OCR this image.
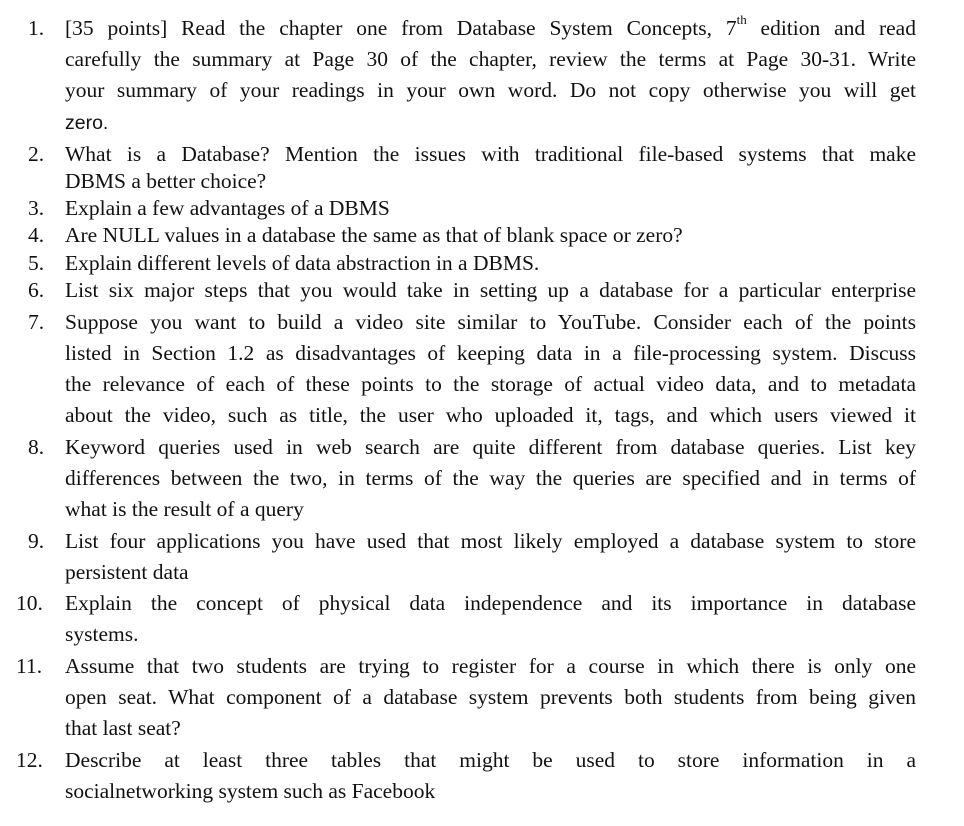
1. [35 points] Read the chapter one from Database System Concepts, 7th edition and read
carefully the summary at Page 30 of the chapter, review the terms at Page 30-31. Write
your summary of your readings in your own word. Do not copy otherwise you will get
zero.
2. What is a Database? Mention the issues with traditional file-based systems that make
DBMS a better choice?
3. Explain a few advantages of a DBMS
4. Are NULL values in a database the same as that of blank space or zero?
5. Explain different levels of data abstraction in a DBMS.
6. List six major steps that you would take in setting up a database for a particular enterprise
7. Suppose you want to build a video site similar to YouTube. Consider each of the points
listed in Section 1.2 as disadvantages of keeping data in a file-processing system. Discuss
the relevance of each of these points to the storage of actual video data, and to metadata
about the video, such as title, the user who uploaded it, tags, and which users viewed it
8. Keyword queries used in web search are quite different from database queries. List key
differences between the two, in terms of the way the queries are specified and in terms of
what is the result of a query
9. List four applications you have used that most likely employed a database system to store
persistent data
10. Explain the concept of physical data independence and its importance in database
systems.
11. Assume that two students are trying to register for a course in which there is only one
open seat. What component of a database system prevents both students from being given
that last seat?
12. Describe at least three tables that might be used to store information in a
socialnetworking system such as Facebook
